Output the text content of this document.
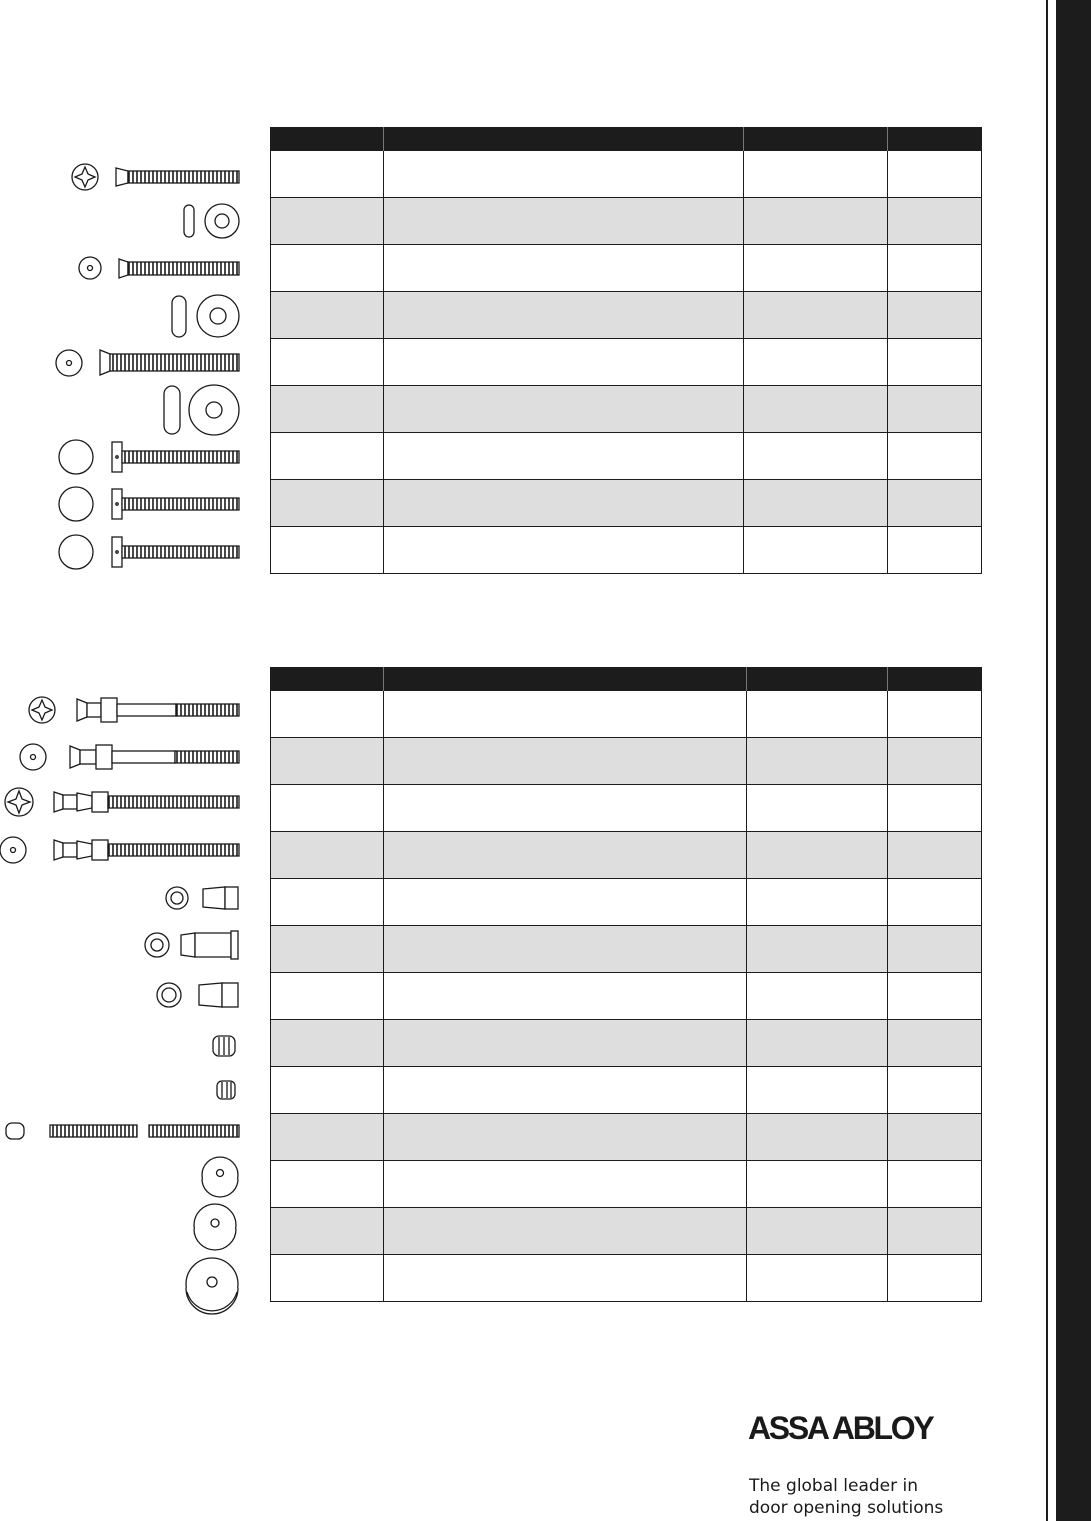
ASSA ABLOY
The global leader in
door opening solutions
